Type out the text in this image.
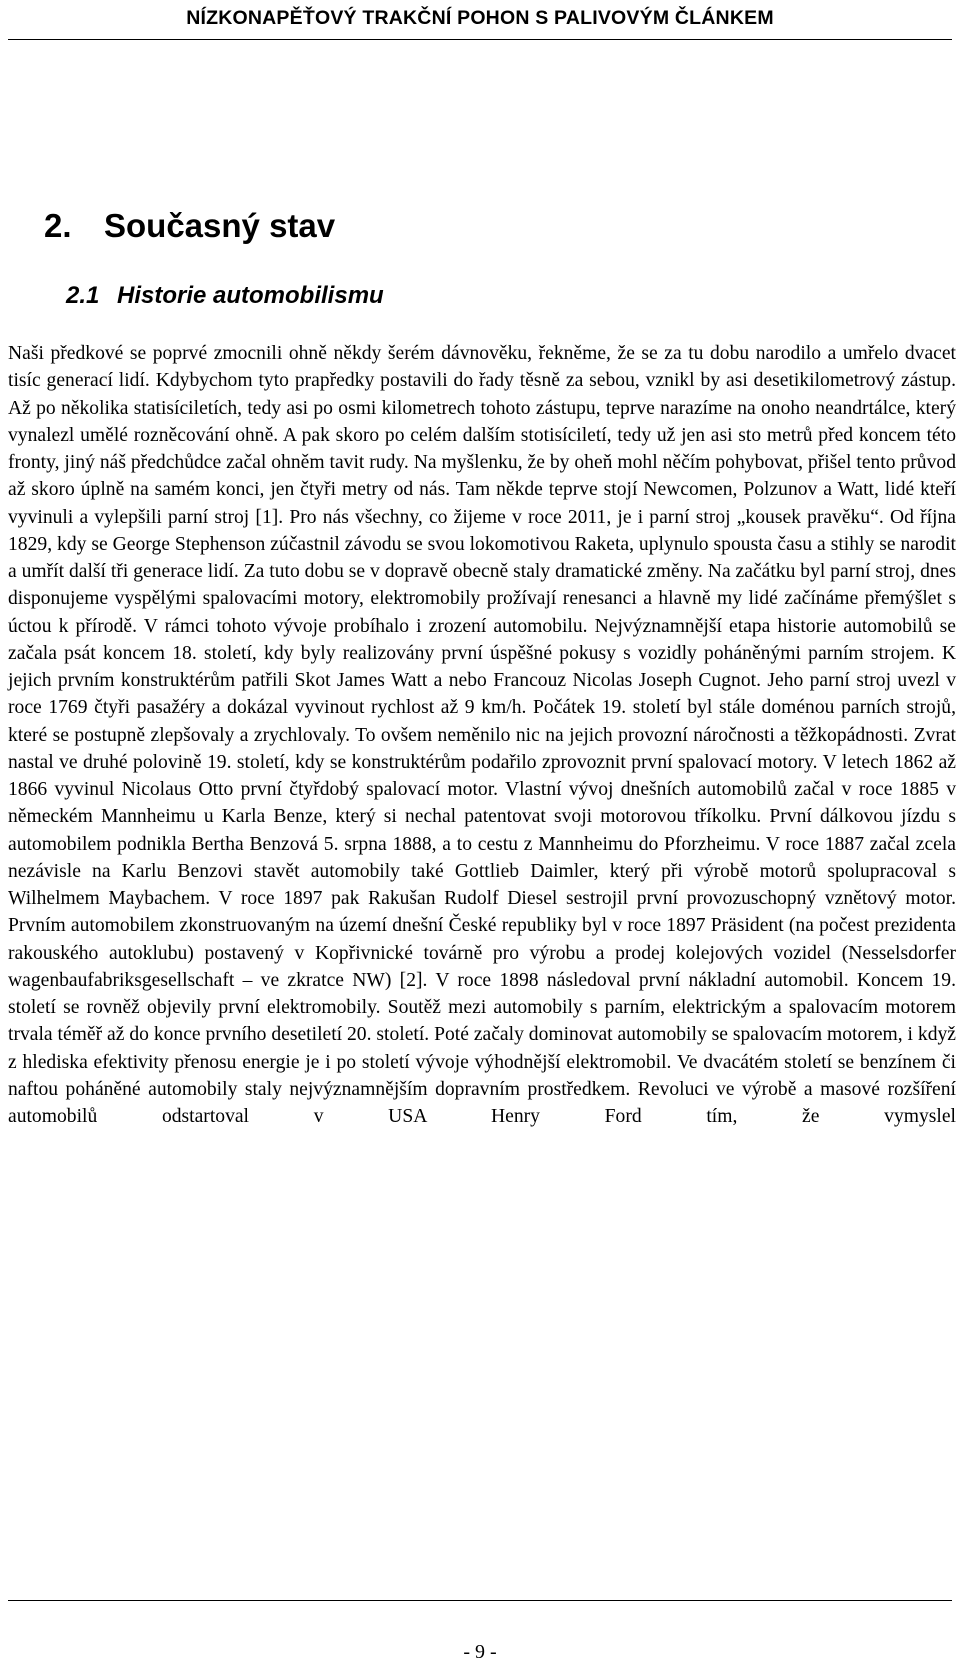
NÍZKONAPĚŤOVÝ TRAKČNÍ POHON S PALIVOVÝM ČLÁNKEM
2. Současný stav
2.1 Historie automobilismu

Naši předkové se poprvé zmocnili ohně někdy šerém dávnověku, řekněme, že se za tu dobu narodilo a umřelo dvacet tisíc generací lidí. Kdybychom tyto prapředky postavili do řady těsně za sebou, vznikl by asi desetikilometrový zástup. Až po několika statisíciletích, tedy asi po osmi kilometrech tohoto zástupu, teprve narazíme na onoho neandrtálce, který vynalezl umělé rozněcování ohně. A pak skoro po celém dalším stotisíciletí, tedy už jen asi sto metrů před koncem této fronty, jiný náš předchůdce začal ohněm tavit rudy. Na myšlenku, že by oheň mohl něčím pohybovat, přišel tento průvod až skoro úplně na samém konci, jen čtyři metry od nás. Tam někde teprve stojí Newcomen, Polzunov a Watt, lidé kteří vyvinuli a vylepšili parní stroj [1]. Pro nás všechny, co žijeme v roce 2011, je i parní stroj „kousek pravěku“. Od října 1829, kdy se George Stephenson zúčastnil závodu se svou lokomotivou Raketa, uplynulo spousta času a stihly se narodit a umřít další tři generace lidí. Za tuto dobu se v dopravě obecně staly dramatické změny. Na začátku byl parní stroj, dnes disponujeme vyspělými spalovacími motory, elektromobily prožívají renesanci a hlavně my lidé začínáme přemýšlet s úctou k přírodě. V rámci tohoto vývoje probíhalo i zrození automobilu. Nejvýznamnější etapa historie automobilů se začala psát koncem 18. století, kdy byly realizovány první úspěšné pokusy s vozidly poháněnými parním strojem. K jejich prvním konstruktérům patřili Skot James Watt a nebo Francouz Nicolas Joseph Cugnot. Jeho parní stroj uvezl v roce 1769 čtyři pasažéry a dokázal vyvinout rychlost až 9 km/h. Počátek 19. století byl stále doménou parních strojů, které se postupně zlepšovaly a zrychlovaly. To ovšem neměnilo nic na jejich provozní náročnosti a těžkopádnosti. Zvrat nastal ve druhé polovině 19. století, kdy se konstruktérům podařilo zprovoznit první spalovací motory. V letech 1862 až 1866 vyvinul Nicolaus Otto první čtyřdobý spalovací motor. Vlastní vývoj dnešních automobilů začal v roce 1885 v německém Mannheimu u Karla Benze, který si nechal patentovat svoji motorovou tříkolku. První dálkovou jízdu s automobilem podnikla Bertha Benzová 5. srpna 1888, a to cestu z Mannheimu do Pforzheimu. V roce 1887 začal zcela nezávisle na Karlu Benzovi stavět automobily také Gottlieb Daimler, který při výrobě motorů spolupracoval s Wilhelmem Maybachem. V roce 1897 pak Rakušan Rudolf Diesel sestrojil první provozuschopný vznětový motor. Prvním automobilem zkonstruovaným na území dnešní České republiky byl v roce 1897 Präsident (na počest prezidenta rakouského autoklubu) postavený v Kopřivnické továrně pro výrobu a prodej kolejových vozidel (Nesselsdorfer wagenbaufabriksgesellschaft – ve zkratce NW) [2]. V roce 1898 následoval první nákladní automobil. Koncem 19. století se rovněž objevily první elektromobily. Soutěž mezi automobily s parním, elektrickým a spalovacím motorem trvala téměř až do konce prvního desetiletí 20. století. Poté začaly dominovat automobily se spalovacím motorem, i když z hlediska efektivity přenosu energie je i po století vývoje výhodnější elektromobil. Ve dvacátém století se benzínem či naftou poháněné automobily staly nejvýznamnějším dopravním prostředkem. Revoluci ve výrobě a masové rozšíření automobilů odstartoval v USA Henry Ford tím, že vymyslel

- 9 -
